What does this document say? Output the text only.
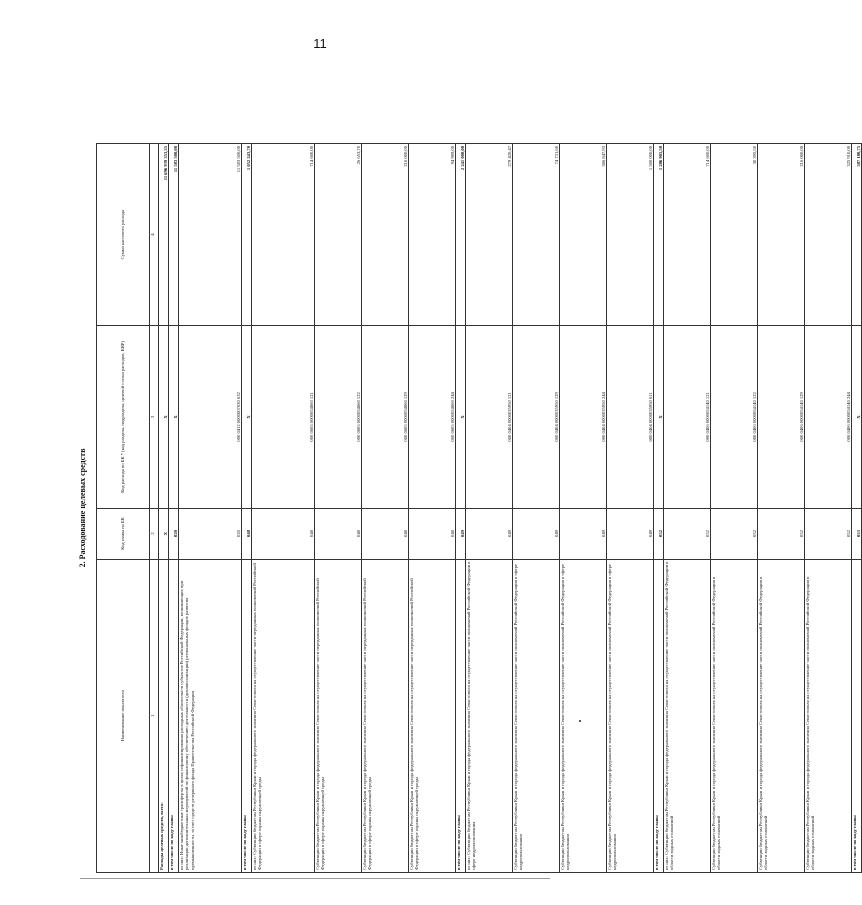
11
2. Расходование целевых средств
Наименование показателя	Код главы по БК	Код расхода по БК * (код раздела, подраздела, целевой статьи расходов, КВР)	Сумма кассового расхода
1	2	3	4
Расходы целевых средств, всего:	X	X	11 696 939 353,35
в том числе по коду главы	020	X	11 583 500,00
из них: Иные межбюджетные трансферты в целях софинансирования расходных обязательств субъектов Российской Федерации, возникающих при реализации дополнительных мероприятий по финансовому обеспечению деятельности (докапитализации) региональных фондов развития промышленности, за счет средств резервного фонда Правительства Российской Федерации	020	000 0412 0000007030 632	11 583 500,00
в том числе по коду главы	048	X	1 052 243,70
из них: Субвенции бюджетам Республики Крым и города федерального значения Севастополя на осуществление части переданных полномочий Российской Федерации в сфере охраны окружающей среды	048	000 0605 0000054860 121	714 600,00
Субвенции бюджетам Республики Крым и города федерального значения Севастополя на осуществление части переданных полномочий Российской Федерации в сфере охраны окружающей среды	048	000 0605 0000054860 122	26 653,70
Субвенции бюджетам Республики Крым и города федерального значения Севастополя на осуществление части переданных полномочий Российской Федерации в сфере охраны окружающей среды	048	000 0605 0000054860 129	216 000,00
Субвенции бюджетам Республики Крым и города федерального значения Севастополя на осуществление части переданных полномочий Российской Федерации в сфере охраны окружающей среды	048	000 0605 0000054860 244	94 989,00
в том числе по коду главы	049	X	2 241 000,00
из них: Субвенции бюджетам Республики Крым и города федерального значения Севастополя на осуществление части полномочий Российской Федерации в сфере недропользования	049	000 0404 0000035950 121	279 420,47
Субвенции бюджетам Республики Крым и города федерального значения Севастополя на осуществление части полномочий Российской Федерации в сфере недропользования	049	000 0404 0000035950 129	74 731,60
Субвенции бюджетам Республики Крым и города федерального значения Севастополя на осуществление части полномочий Российской Федерации в сфере недропользования	049	000 0404 0000035950 244	386 847,93
Субвенции бюджетам Республики Крым и города федерального значения Севастополя на осуществление части полномочий Российской Федерации в сфере недропользования	049	000 0404 0000035950 611	1 500 000,00
в том числе по коду главы	052	X	1 286 905,50
из них: Субвенции бюджетам Республики Крым и города федерального значения Севастополя на осуществление части полномочий Российской Федерации в области водных отношений	052	000 0406 0000054140 121	714 600,00
Субвенции бюджетам Республики Крым и города федерального значения Севастополя на осуществление части полномочий Российской Федерации в области водных отношений	052	000 0406 0000054140 122	30 395,50
Субвенции бюджетам Республики Крым и города федерального значения Севастополя на осуществление части полномочий Российской Федерации в области водных отношений	052	000 0406 0000054140 129	216 000,00
Субвенции бюджетам Республики Крым и города федерального значения Севастополя на осуществление части полномочий Российской Федерации в области водных отношений	052	000 0406 0000054140 244	325 910,00
в том числе по коду главы	053	X	587 180,75
